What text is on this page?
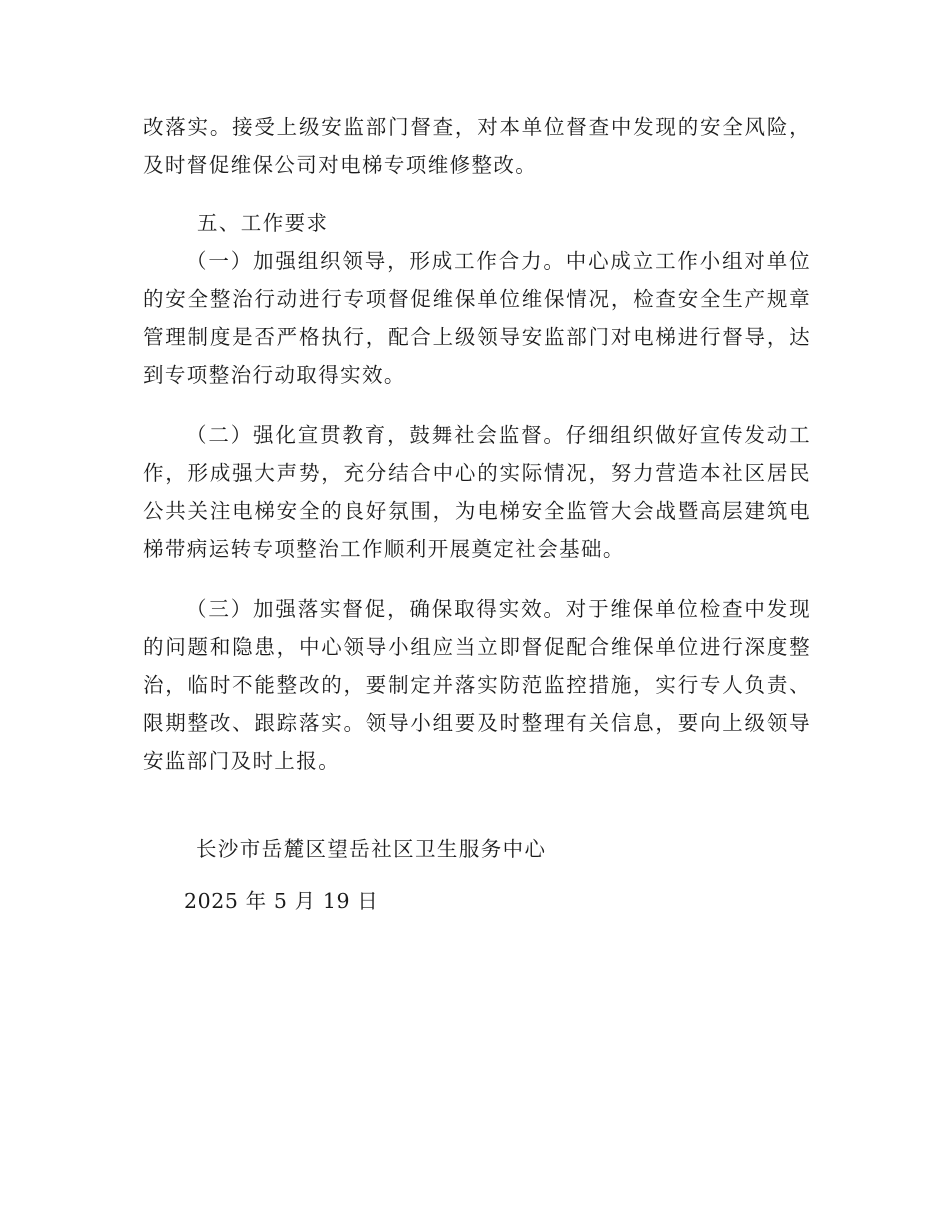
改落实。接受上级安监部门督查，对本单位督查中发现的安全风险，及时督促维保公司对电梯专项维修整改。

五、工作要求

（一）加强组织领导，形成工作合力。中心成立工作小组对单位的安全整治行动进行专项督促维保单位维保情况，检查安全生产规章管理制度是否严格执行，配合上级领导安监部门对电梯进行督导，达到专项整治行动取得实效。

（二）强化宣贯教育，鼓舞社会监督。仔细组织做好宣传发动工作，形成强大声势，充分结合中心的实际情况，努力营造本社区居民公共关注电梯安全的良好氛围，为电梯安全监管大会战暨高层建筑电梯带病运转专项整治工作顺利开展奠定社会基础。

（三）加强落实督促，确保取得实效。对于维保单位检查中发现的问题和隐患，中心领导小组应当立即督促配合维保单位进行深度整治，临时不能整改的，要制定并落实防范监控措施，实行专人负责、限期整改、跟踪落实。领导小组要及时整理有关信息，要向上级领导安监部门及时上报。

长沙市岳麓区望岳社区卫生服务中心

2025 年 5 月 19 日
